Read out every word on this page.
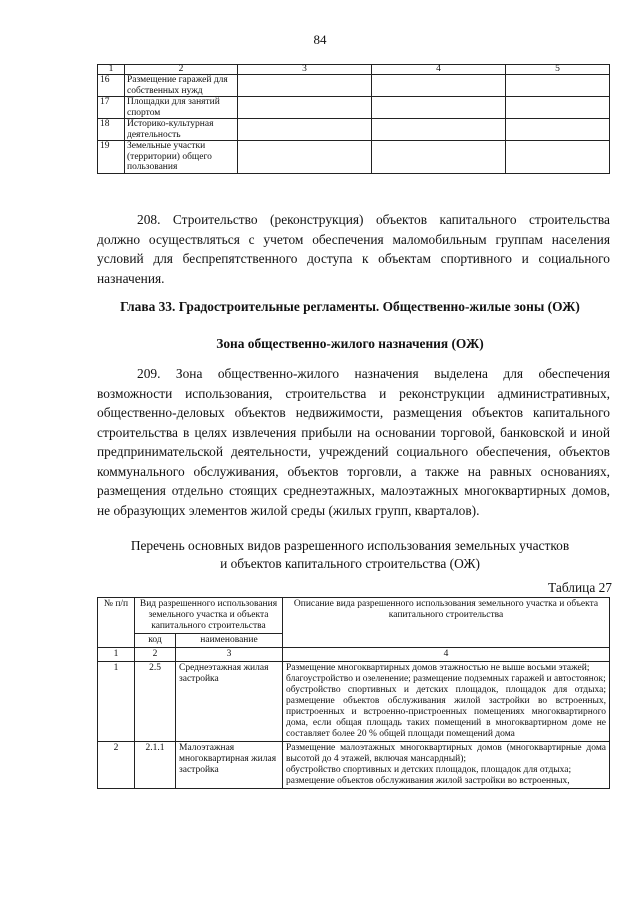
84
1	2	3	4	5
16	Размещение гаражей для собственных нужд			
17	Площадки для занятий спортом			
18	Историко-культурная деятельность			
19	Земельные участки (территории) общего пользования			
208. Строительство (реконструкция) объектов капитального строительства должно осуществляться с учетом обеспечения маломобильным группам населения условий для беспрепятственного доступа к объектам спортивного и социального назначения.
Глава 33. Градостроительные регламенты. Общественно-жилые зоны (ОЖ)
Зона общественно-жилого назначения (ОЖ)
209. Зона общественно-жилого назначения выделена для обеспечения возможности использования, строительства и реконструкции административных, общественно-деловых объектов недвижимости, размещения объектов капитального строительства в целях извлечения прибыли на основании торговой, банковской и иной предпринимательской деятельности, учреждений социального обеспечения, объектов коммунального обслуживания, объектов торговли, а также на равных основаниях, размещения отдельно стоящих среднеэтажных, малоэтажных многоквартирных домов, не образующих элементов жилой среды (жилых групп, кварталов).
Перечень основных видов разрешенного использования земельных участков
и объектов капитального строительства (ОЖ)
Таблица 27
№ п/п	Вид разрешенного использования земельного участка и объекта капитального строительства		Описание вида разрешенного использования земельного участка и объекта капитального строительства
	код	наименование	
1	2	3	4
1	2.5	Среднеэтажная жилая застройка	Размещение многоквартирных домов этажностью не выше восьми этажей;
благоустройство и озеленение; размещение подземных гаражей и автостоянок;
обустройство спортивных и детских площадок, площадок для отдыха; размещение объектов обслуживания жилой застройки во встроенных, пристроенных и встроенно-пристроенных помещениях многоквартирного дома, если общая площадь таких помещений в многоквартирном доме не составляет более 20 % общей площади помещений дома

2	2.1.1	Малоэтажная многоквартирная жилая застройка	Размещение малоэтажных многоквартирных домов (многоквартирные дома высотой до 4 этажей, включая мансардный);
обустройство спортивных и детских площадок, площадок для отдыха;
размещение объектов обслуживания жилой застройки во встроенных,
